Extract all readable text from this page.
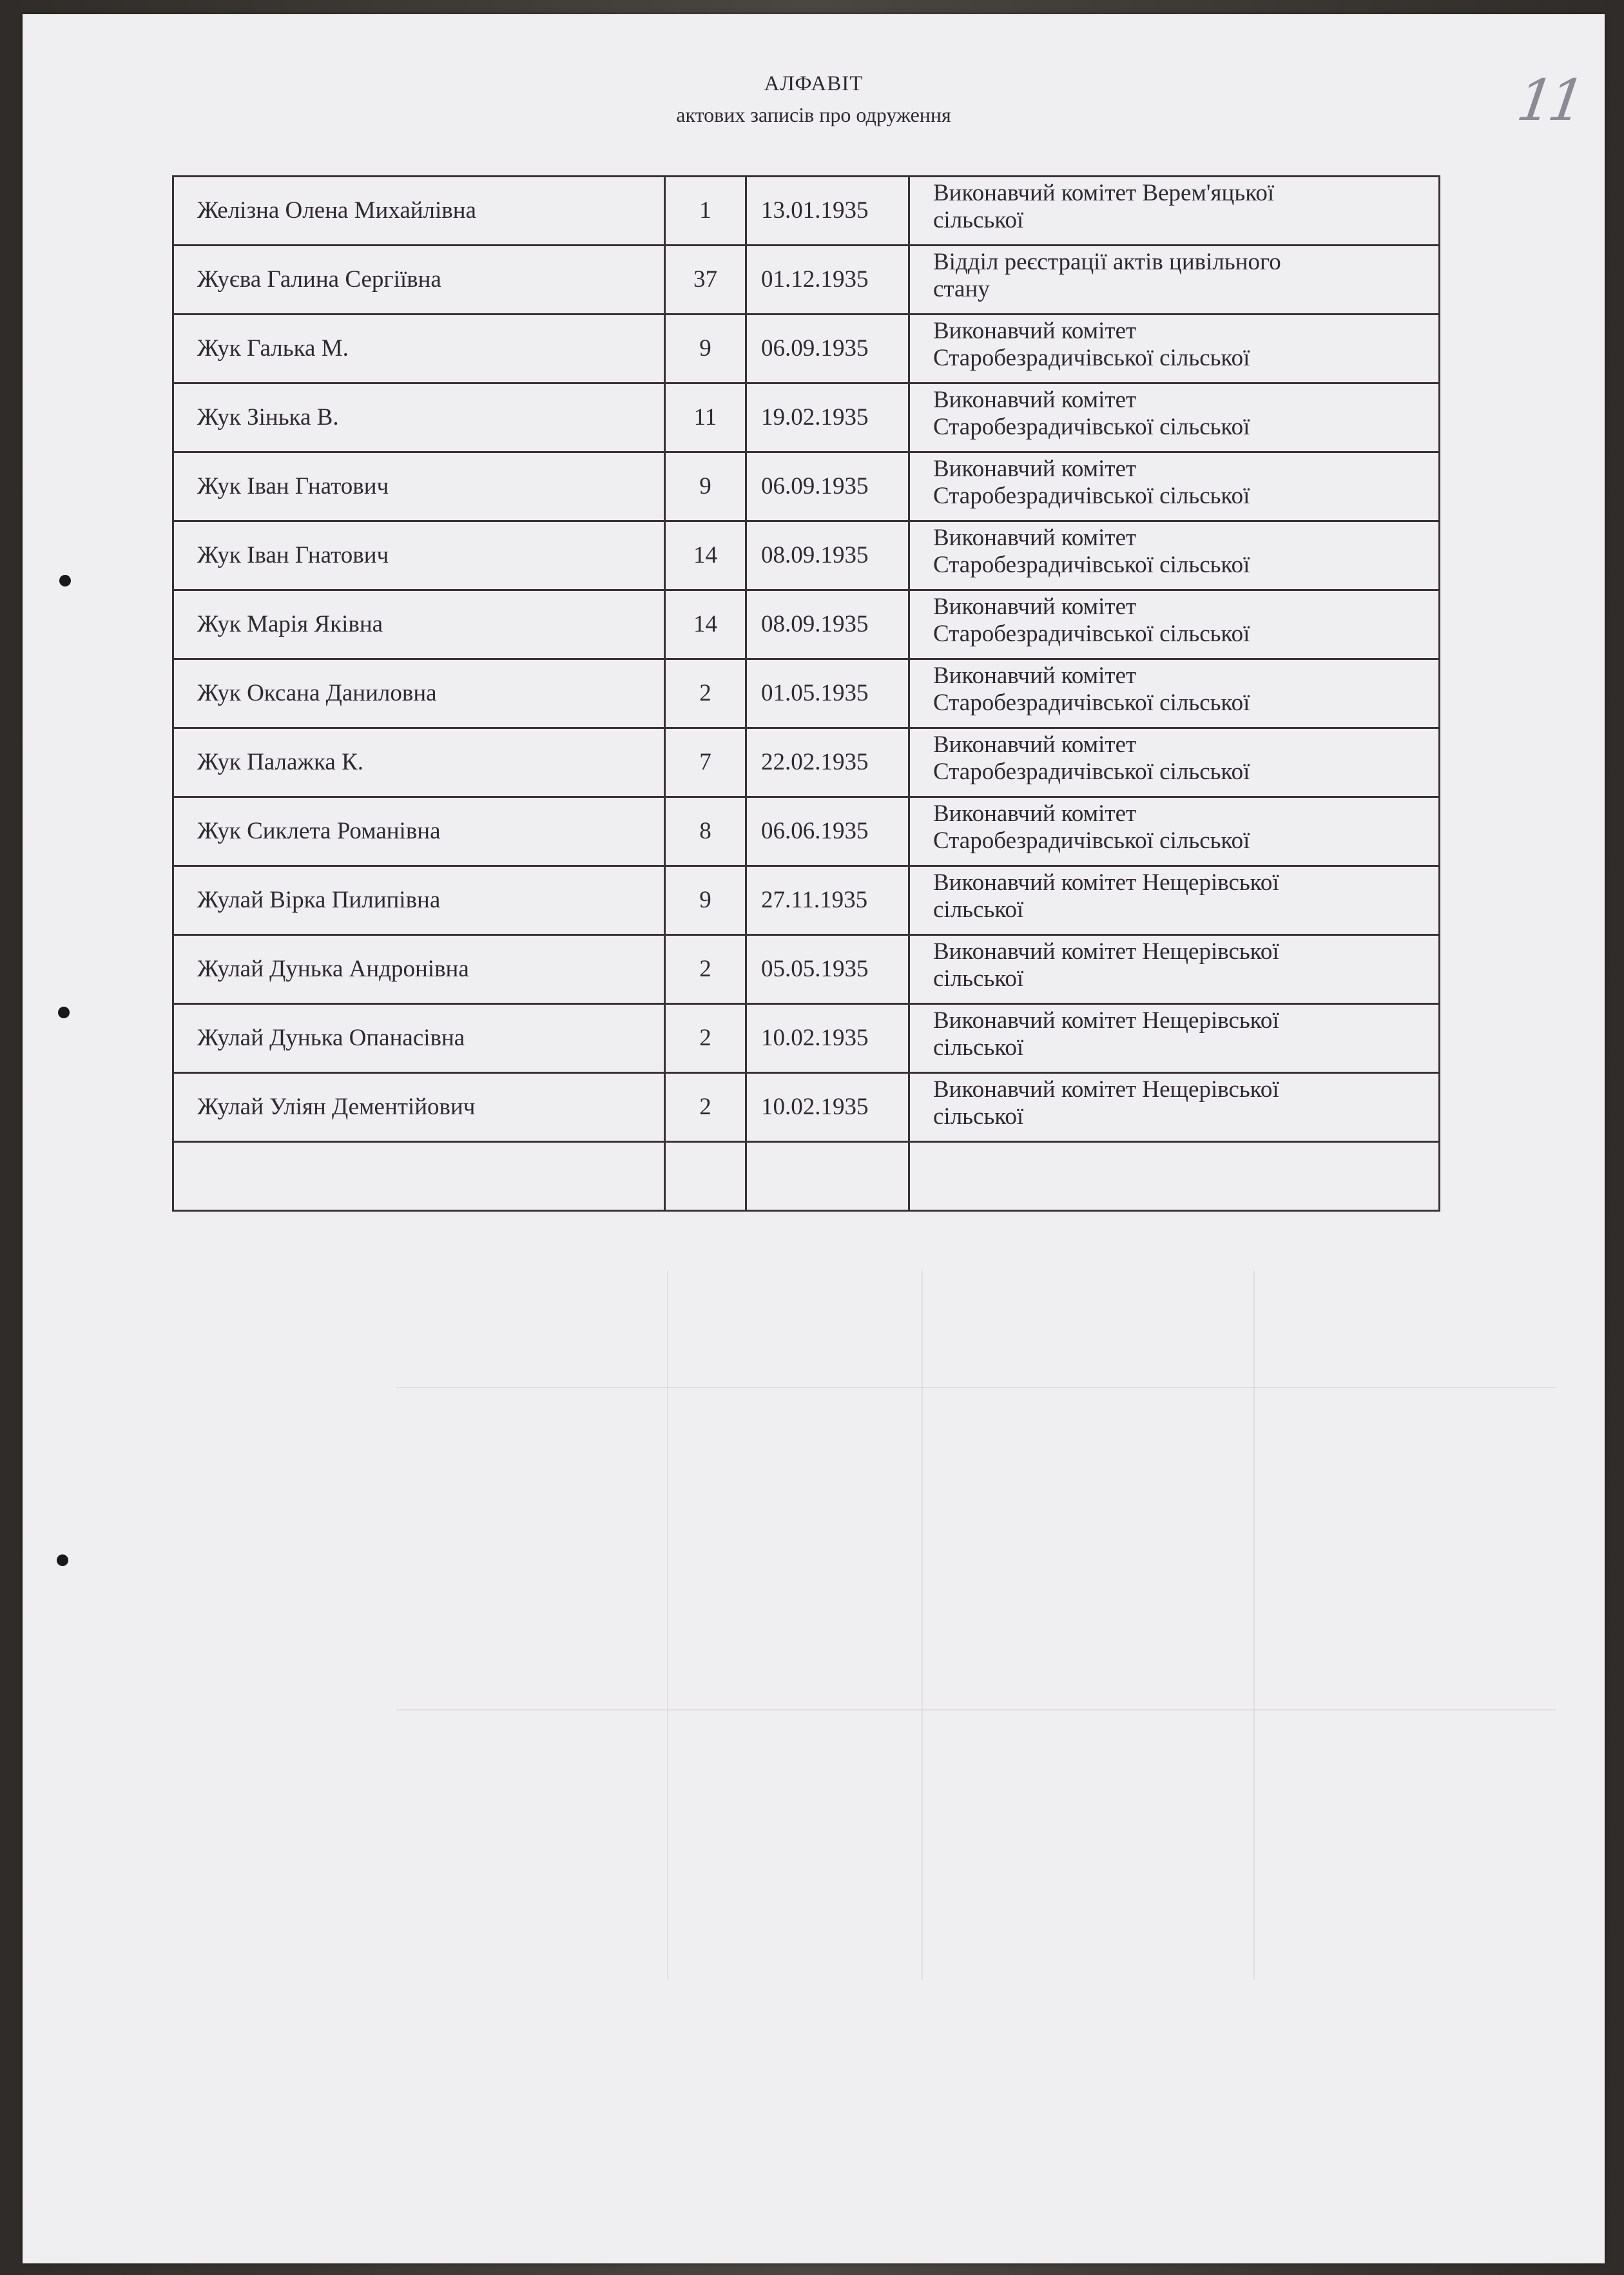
АЛФАВІТ
актових записів про одруження	11
Желізна Олена Михайлівна	1	13.01.1935	Виконавчий комітет Верем'яцької
сільської

Жуєва Галина Сергіївна	37	01.12.1935	Відділ реєстрації актів цивільного
стану

Жук Галька М.	9	06.09.1935	Виконавчий комітет
Старобезрадичівської сільської

Жук Зінька В.	11	19.02.1935	Виконавчий комітет
Старобезрадичівської сільської

Жук Іван Гнатович	9	06.09.1935	Виконавчий комітет
Старобезрадичівської сільської

Жук Іван Гнатович	14	08.09.1935	Виконавчий комітет
Старобезрадичівської сільської

Жук Марія Яківна	14	08.09.1935	Виконавчий комітет
Старобезрадичівської сільської

Жук Оксана Даниловна	2	01.05.1935	Виконавчий комітет
Старобезрадичівської сільської

Жук Палажка К.	7	22.02.1935	Виконавчий комітет
Старобезрадичівської сільської

Жук Сиклета Романівна	8	06.06.1935	Виконавчий комітет
Старобезрадичівської сільської

Жулай Вірка Пилипівна	9	27.11.1935	Виконавчий комітет Нещерівської
сільської

Жулай Дунька Андронівна	2	05.05.1935	Виконавчий комітет Нещерівської
сільської

Жулай Дунька Опанасівна	2	10.02.1935	Виконавчий комітет Нещерівської
сільської

Жулай Уліян Дементійович	2	10.02.1935	Виконавчий комітет Нещерівської
сільської
